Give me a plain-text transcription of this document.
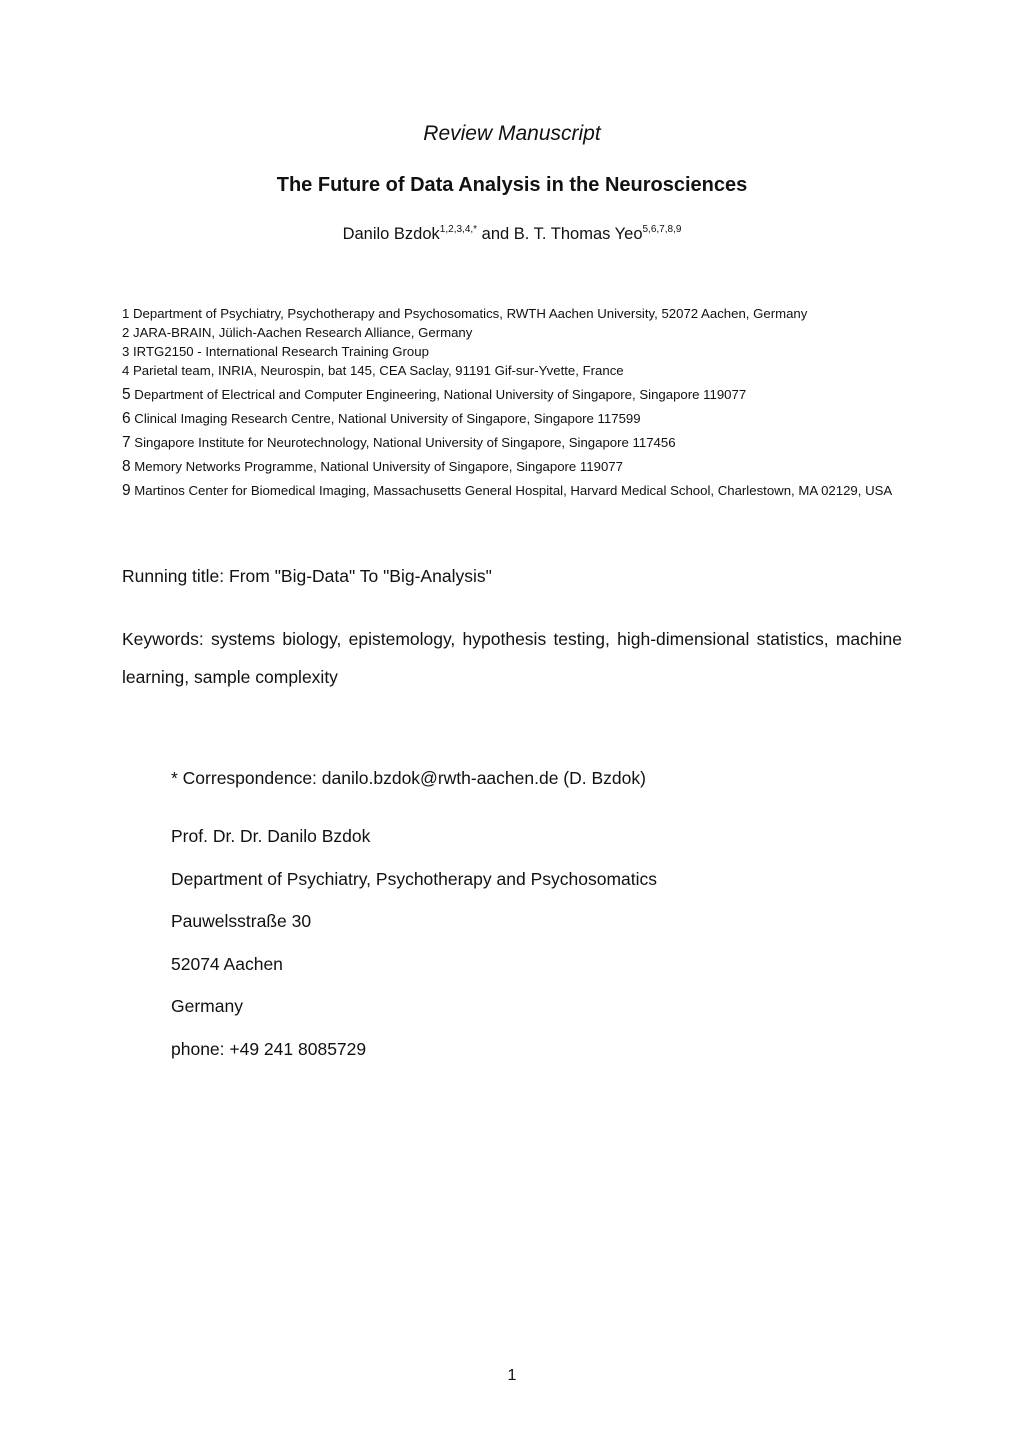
Review Manuscript
The Future of Data Analysis in the Neurosciences
Danilo Bzdok$^{1,2,3,4,*}$ and B. T. Thomas Yeo$^{5,6,7,8,9}$

1 Department of Psychiatry, Psychotherapy and Psychosomatics, RWTH Aachen University, 52072 Aachen, Germany

2 JARA-BRAIN, Jülich-Aachen Research Alliance, Germany

3 IRTG2150 - International Research Training Group

4 Parietal team, INRIA, Neurospin, bat 145, CEA Saclay, 91191 Gif-sur-Yvette, France

5 Department of Electrical and Computer Engineering, National University of Singapore, Singapore 119077

6 Clinical Imaging Research Centre, National University of Singapore, Singapore 117599

7 Singapore Institute for Neurotechnology, National University of Singapore, Singapore 117456

8 Memory Networks Programme, National University of Singapore, Singapore 119077

9 Martinos Center for Biomedical Imaging, Massachusetts General Hospital, Harvard Medical School, Charlestown, MA 02129, USA

Running title: From "Big-Data" To "Big-Analysis"
Keywords: systems biology, epistemology, hypothesis testing, high-dimensional statistics, machine learning, sample complexity
* Correspondence: danilo.bzdok@rwth-aachen.de (D. Bzdok)
Prof. Dr. Dr. Danilo Bzdok
Department of Psychiatry, Psychotherapy and Psychosomatics
Pauwelsstraße 30
52074 Aachen
Germany
phone: +49 241 8085729
1
